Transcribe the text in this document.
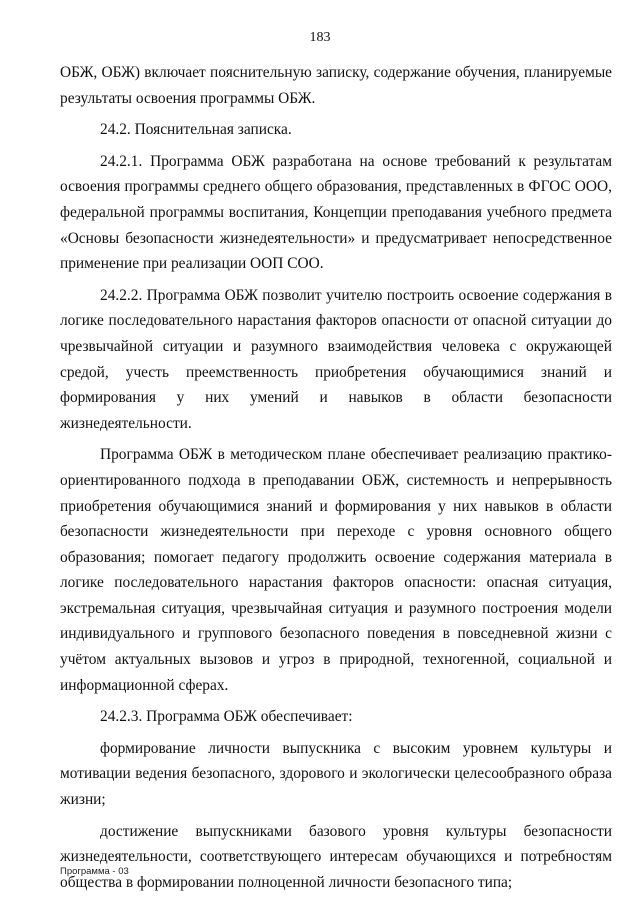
183

ОБЖ, ОБЖ) включает пояснительную записку, содержание обучения, планируемые результаты освоения программы ОБЖ.

24.2. Пояснительная записка.

24.2.1. Программа ОБЖ разработана на основе требований к результатам освоения программы среднего общего образования, представленных в ФГОС ООО, федеральной программы воспитания, Концепции преподавания учебного предмета «Основы безопасности жизнедеятельности» и предусматривает непосредственное применение при реализации ООП СОО.

24.2.2. Программа ОБЖ позволит учителю построить освоение содержания в логике последовательного нарастания факторов опасности от опасной ситуации до чрезвычайной ситуации и разумного взаимодействия человека с окружающей средой, учесть преемственность приобретения обучающимися знаний и формирования у них умений и навыков в области безопасности жизнедеятельности.

Программа ОБЖ в методическом плане обеспечивает реализацию практико-ориентированного подхода в преподавании ОБЖ, системность и непрерывность приобретения обучающимися знаний и формирования у них навыков в области безопасности жизнедеятельности при переходе с уровня основного общего образования; помогает педагогу продолжить освоение содержания материала в логике последовательного нарастания факторов опасности: опасная ситуация, экстремальная ситуация, чрезвычайная ситуация и разумного построения модели индивидуального и группового безопасного поведения в повседневной жизни с учётом актуальных вызовов и угроз в природной, техногенной, социальной и информационной сферах.

24.2.3. Программа ОБЖ обеспечивает:

формирование личности выпускника с высоким уровнем культуры и мотивации ведения безопасного, здорового и экологически целесообразного образа жизни;

достижение выпускниками базового уровня культуры безопасности жизнедеятельности, соответствующего интересам обучающихся и потребностям общества в формировании полноценной личности безопасного типа;

Программа - 03
